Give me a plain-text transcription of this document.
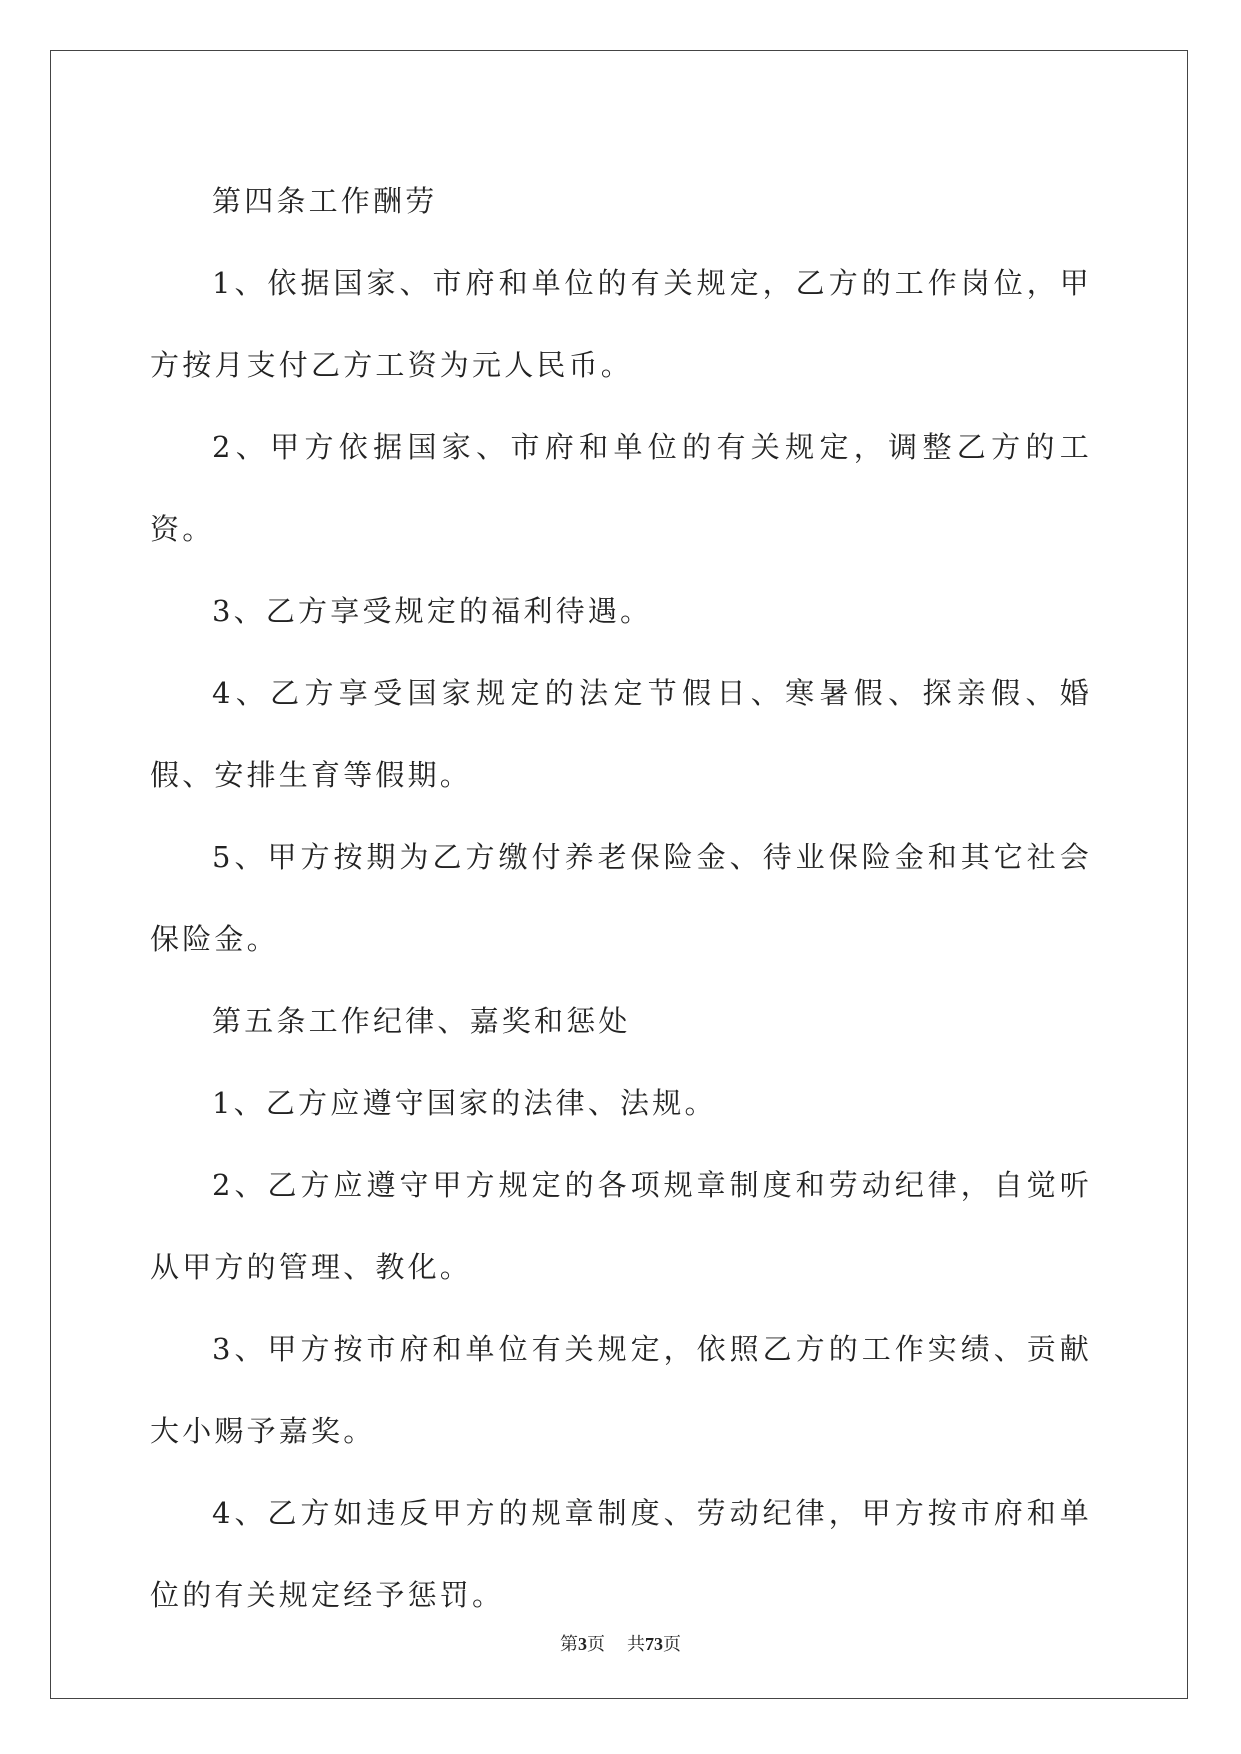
第四条工作酬劳

1、依据国家、市府和单位的有关规定，乙方的工作岗位，甲方按月支付乙方工资为元人民币。

2、甲方依据国家、市府和单位的有关规定，调整乙方的工资。

3、乙方享受规定的福利待遇。

4、乙方享受国家规定的法定节假日、寒暑假、探亲假、婚假、安排生育等假期。

5、甲方按期为乙方缴付养老保险金、待业保险金和其它社会保险金。

第五条工作纪律、嘉奖和惩处

1、乙方应遵守国家的法律、法规。

2、乙方应遵守甲方规定的各项规章制度和劳动纪律，自觉听从甲方的管理、教化。

3、甲方按市府和单位有关规定，依照乙方的工作实绩、贡献大小赐予嘉奖。

4、乙方如违反甲方的规章制度、劳动纪律，甲方按市府和单位的有关规定经予惩罚。

第3页 共73页
